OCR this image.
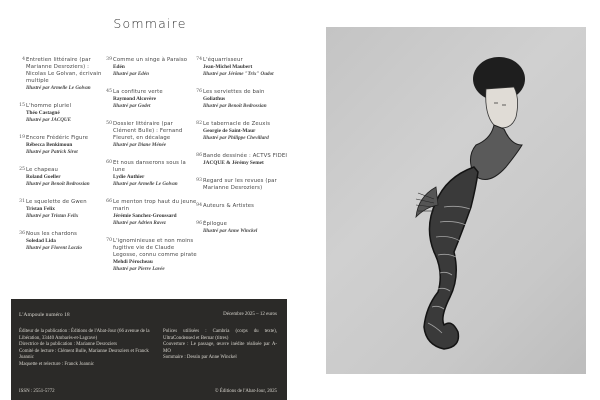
Sommaire
4 Entretien littéraire (par Marianne Desroziers) : Nicolas Le Golvan, écrivain multiple
Illustré par Armelle Le Golvan
15 L'homme pluriel
Théo Castagné
Illustré par JACQUE
19 Encore Frédéric Figure
Rébecca Benkimoun
Illustré par Patrick Sirot
25 Le chapeau
Roland Goeller
Illustré par Benoît Bedrossian
31 Le squelette de Gwen
Tristan Felix
Illustré par Tristan Felix
36 Nous les chardons
Soledad Lida
Illustré par Florent Laczio
39 Comme un singe à Paraiso
Edén
Illustré par Edén
45 La confiture verte
Raymond Alcovère
Illustré par Godet
50 Dossier littéraire (par Clément Bulle) : Fernand Fleuret, en décalage
Illustré par Diane Ménée
60 Et nous danserons sous la lune
Lydie Authier
Illustré par Armelle Le Golvan
66 Le menton trop haut du jeune marin
Jérémie Sanchez-Groussard
Illustré par Adrien Ravez
70 L'ignominieuse et non moins fugitive vie de Claude Legosse, connu comme pirate
Mehdi Pérocheau
Illustré par Pierre Lavée
74 L'équarrisseur
Jean-Michel Maubert
Illustré par Jérôme "Trix" Oudot
76 Les serviettes de bain
Goliathus
Illustré par Benoît Bedrossian
82 Le tabernacle de Zeuxis
Georgie de Saint-Maur
Illustré par Philippe Chevillard
86 Bande dessinée : ACTVS FIDEI
JACQUE & Jérémy Semet
93 Regard sur les revues (par Marianne Desroziers)
94 Auteurs & Artistes
96 Épilogue
Illustré par Anne Winckel
L'Ampoule numéro 18	Décembre 2025 – 12 euros
Éditeur de la publication : Éditions de l'Abat-Jour (66 avenue de la Libération, 33440 Ambarès-et-Lagrave)
Directrice de la publication : Marianne Desroziers
Comité de lecture : Clément Bulle, Marianne Desroziers et Franck Joannic
Maquette et relecture : Franck Joannic
Polices utilisées : Cambria (corps du texte), UltraCondensed et Bernar (titres)
Couverture : Le passage, œuvre inédite réalisée par A-MO
Sommaire : Dessin par Anne Winckel
ISSN : 2551-5772	© Éditions de l'Abat-Jour, 2025
